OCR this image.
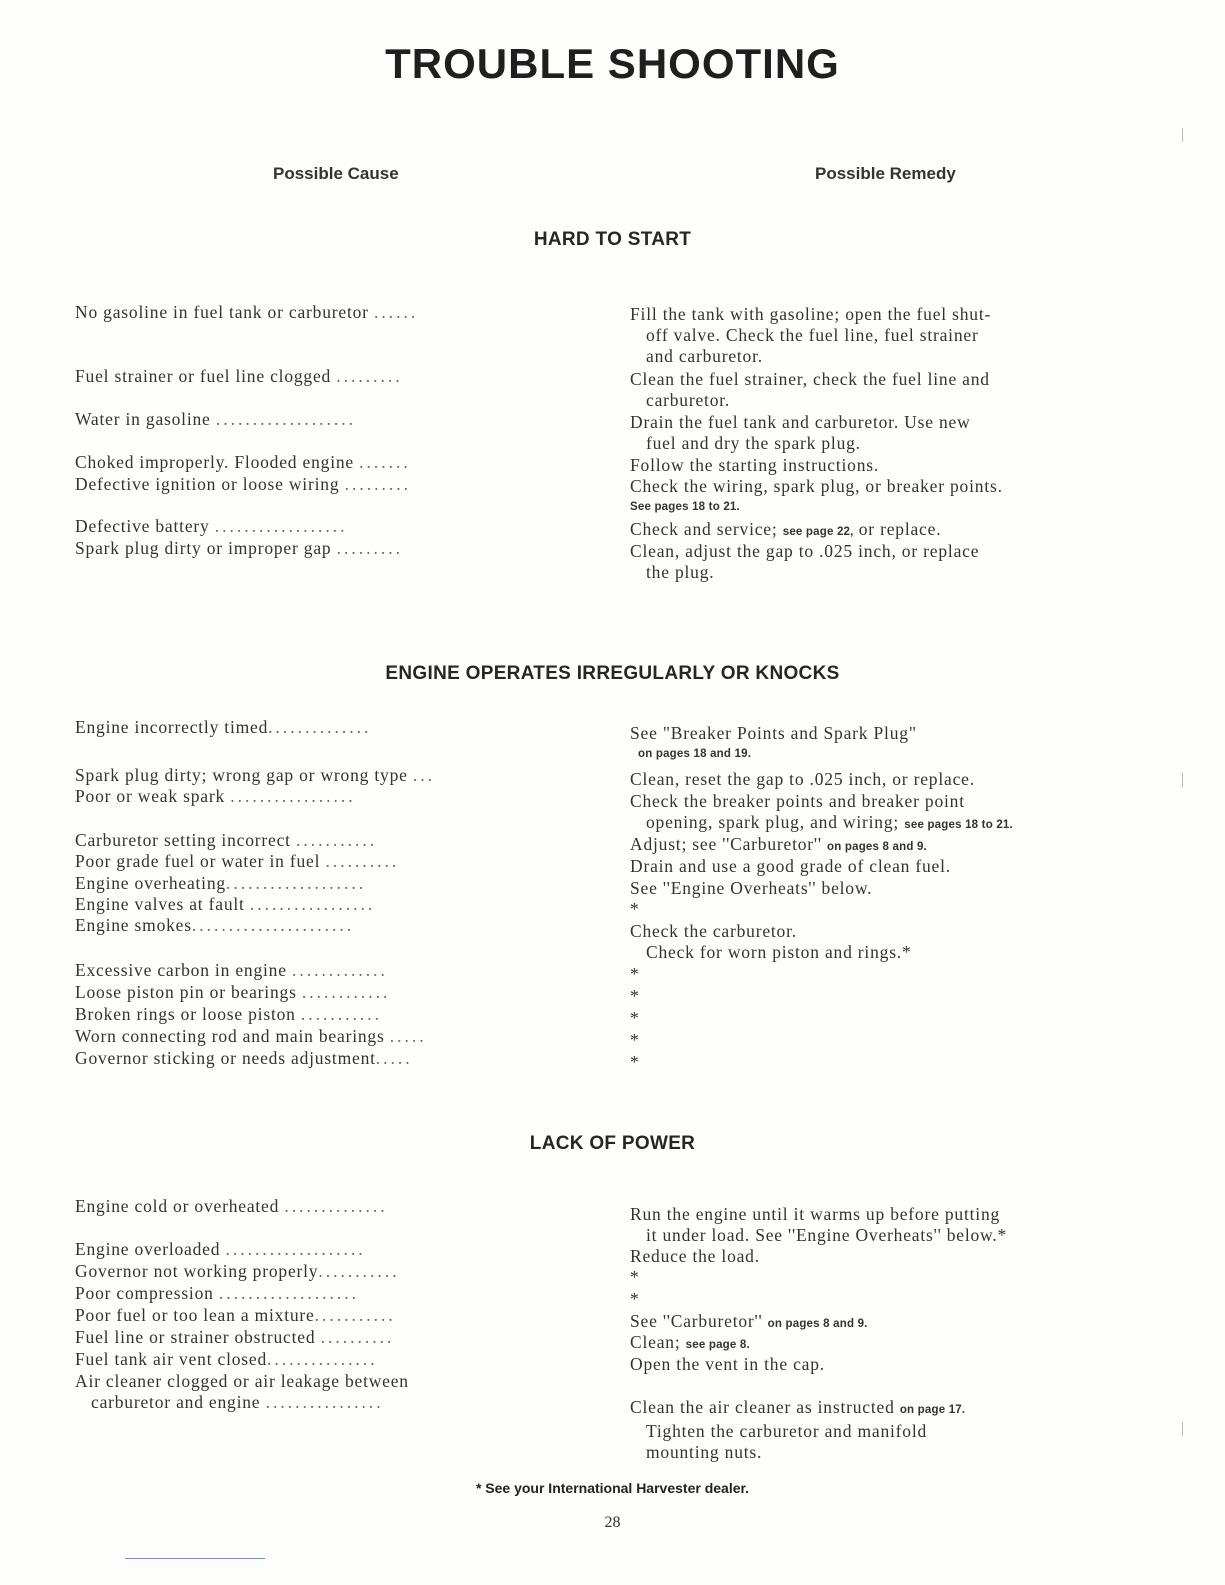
TROUBLE SHOOTING
Possible Cause	Possible Remedy
HARD TO START
No gasoline in fuel tank or carburetor ......	Fill the tank with gasoline; open the fuel shut-
off valve. Check the fuel line, fuel strainer
and carburetor.
Fuel strainer or fuel line clogged .........	Clean the fuel strainer, check the fuel line and
carburetor.
Water in gasoline ...................	Drain the fuel tank and carburetor. Use new
fuel and dry the spark plug.
Choked improperly. Flooded engine .......	Follow the starting instructions.
Defective ignition or loose wiring .........	Check the wiring, spark plug, or breaker points.
See pages 18 to 21.
Defective battery ..................	Check and service; see page 22, or replace.
Spark plug dirty or improper gap .........	Clean, adjust the gap to .025 inch, or replace
the plug.
ENGINE OPERATES IRREGULARLY OR KNOCKS
Engine incorrectly timed..............	See "Breaker Points and Spark Plug"
on pages 18 and 19.
Spark plug dirty; wrong gap or wrong type ...	Clean, reset the gap to .025 inch, or replace.
Poor or weak spark .................	Check the breaker points and breaker point
opening, spark plug, and wiring; see pages 18 to 21.
Carburetor setting incorrect ...........	Adjust; see ''Carburetor'' on pages 8 and 9.
Poor grade fuel or water in fuel ..........	Drain and use a good grade of clean fuel.
Engine overheating...................	See ''Engine Overheats'' below.
Engine valves at fault .................	*
Engine smokes......................	Check the carburetor.
Check for worn piston and rings.*
Excessive carbon in engine .............	*
Loose piston pin or bearings ............	*
Broken rings or loose piston ...........	*
Worn connecting rod and main bearings .....	*
Governor sticking or needs adjustment.....	*
LACK OF POWER
Engine cold or overheated ..............	Run the engine until it warms up before putting
it under load. See ''Engine Overheats'' below.*
Engine overloaded ...................	Reduce the load.
Governor not working properly...........	*
Poor compression ...................	*
Poor fuel or too lean a mixture...........	See ''Carburetor'' on pages 8 and 9.
Fuel line or strainer obstructed ..........	Clean; see page 8.
Fuel tank air vent closed...............	Open the vent in the cap.
Air cleaner clogged or air leakage between
carburetor and engine ................	Clean the air cleaner as instructed on page 17.
Tighten the carburetor and manifold
mounting nuts.
* See your International Harvester dealer.
28
